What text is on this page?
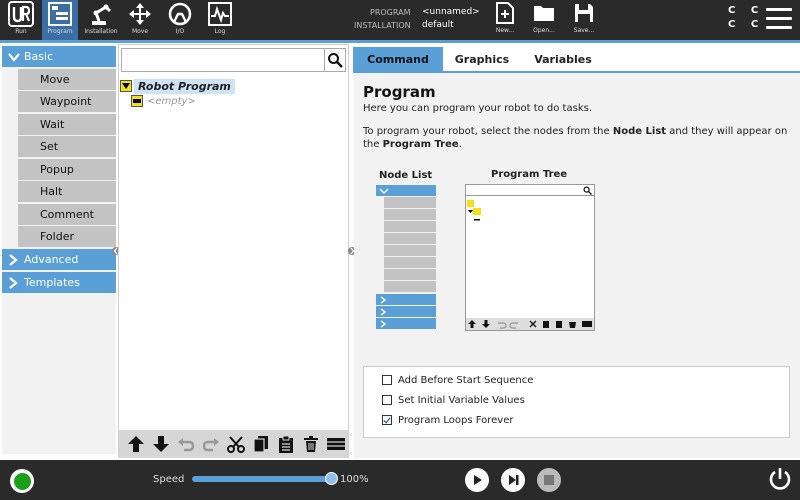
Run	Program Installation Move	I/O	Log
PROGRAM <unnamed>
INSTALLATION default
New...	Open...	Save...
C C
C C
Basic
Move
Waypoint
Wait
Set
Popup
Halt
Comment
Folder
Advanced
Templates
Robot Program
<empty>
Command	Graphics	Variables
Program
Here you can program your robot to do tasks.
To program your robot, select the nodes from the Node List and they will appear on
the Program Tree.
Node List	Program Tree
Add Before Start Sequence
Set Initial Variable Values
Program Loops Forever
Speed	100%
